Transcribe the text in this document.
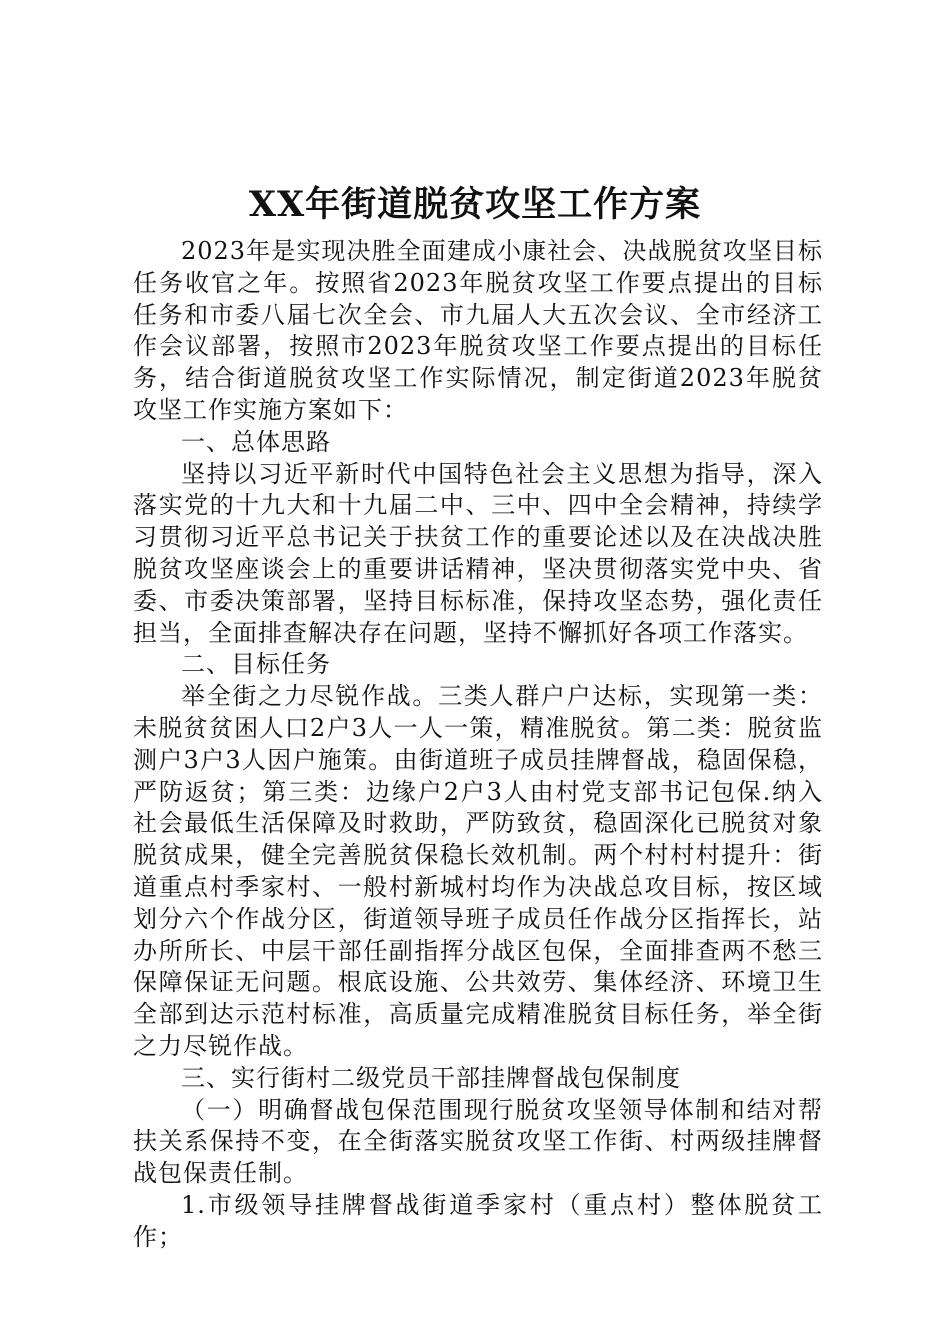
XX年街道脱贫攻坚工作方案

2023年是实现决胜全面建成小康社会、决战脱贫攻坚目标任务收官之年。按照省2023年脱贫攻坚工作要点提出的目标任务和市委八届七次全会、市九届人大五次会议、全市经济工作会议部署，按照市2023年脱贫攻坚工作要点提出的目标任务，结合街道脱贫攻坚工作实际情况，制定街道2023年脱贫攻坚工作实施方案如下：

一、总体思路

坚持以习近平新时代中国特色社会主义思想为指导，深入落实党的十九大和十九届二中、三中、四中全会精神，持续学习贯彻习近平总书记关于扶贫工作的重要论述以及在决战决胜脱贫攻坚座谈会上的重要讲话精神，坚决贯彻落实党中央、省委、市委决策部署，坚持目标标准，保持攻坚态势，强化责任担当，全面排查解决存在问题，坚持不懈抓好各项工作落实。

二、目标任务

举全街之力尽锐作战。三类人群户户达标，实现第一类：未脱贫贫困人口2户3人一人一策，精准脱贫。第二类：脱贫监测户3户3人因户施策。由街道班子成员挂牌督战，稳固保稳，严防返贫；第三类：边缘户2户3人由村党支部书记包保.纳入社会最低生活保障及时救助，严防致贫，稳固深化已脱贫对象脱贫成果，健全完善脱贫保稳长效机制。两个村村村提升：街道重点村季家村、一般村新城村均作为决战总攻目标，按区域划分六个作战分区，街道领导班子成员任作战分区指挥长，站办所所长、中层干部任副指挥分战区包保，全面排查两不愁三保障保证无问题。根底设施、公共效劳、集体经济、环境卫生全部到达示范村标准，高质量完成精准脱贫目标任务，举全街之力尽锐作战。

三、实行街村二级党员干部挂牌督战包保制度

（一）明确督战包保范围现行脱贫攻坚领导体制和结对帮扶关系保持不变，在全街落实脱贫攻坚工作街、村两级挂牌督战包保责任制。

1.市级领导挂牌督战街道季家村（重点村）整体脱贫工作；
